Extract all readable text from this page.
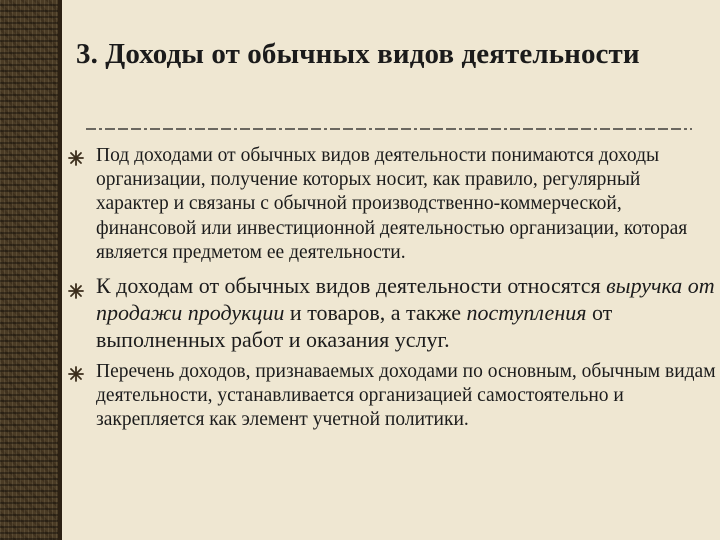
3. Доходы от обычных видов деятельности
Под доходами от обычных видов деятельности понимаются доходы организации, получение которых носит, как правило, регулярный характер и связаны с обычной производственно-коммерческой, финансовой или инвестиционной деятельностью организации, которая является предметом ее деятельности.
К доходам от обычных видов деятельности относятся выручка от продажи продукции и товаров, а также поступления от выполненных работ и оказания услуг.
Перечень доходов, признаваемых доходами по основным, обычным видам деятельности, устанавливается организацией самостоятельно и закрепляется как элемент учетной политики.
